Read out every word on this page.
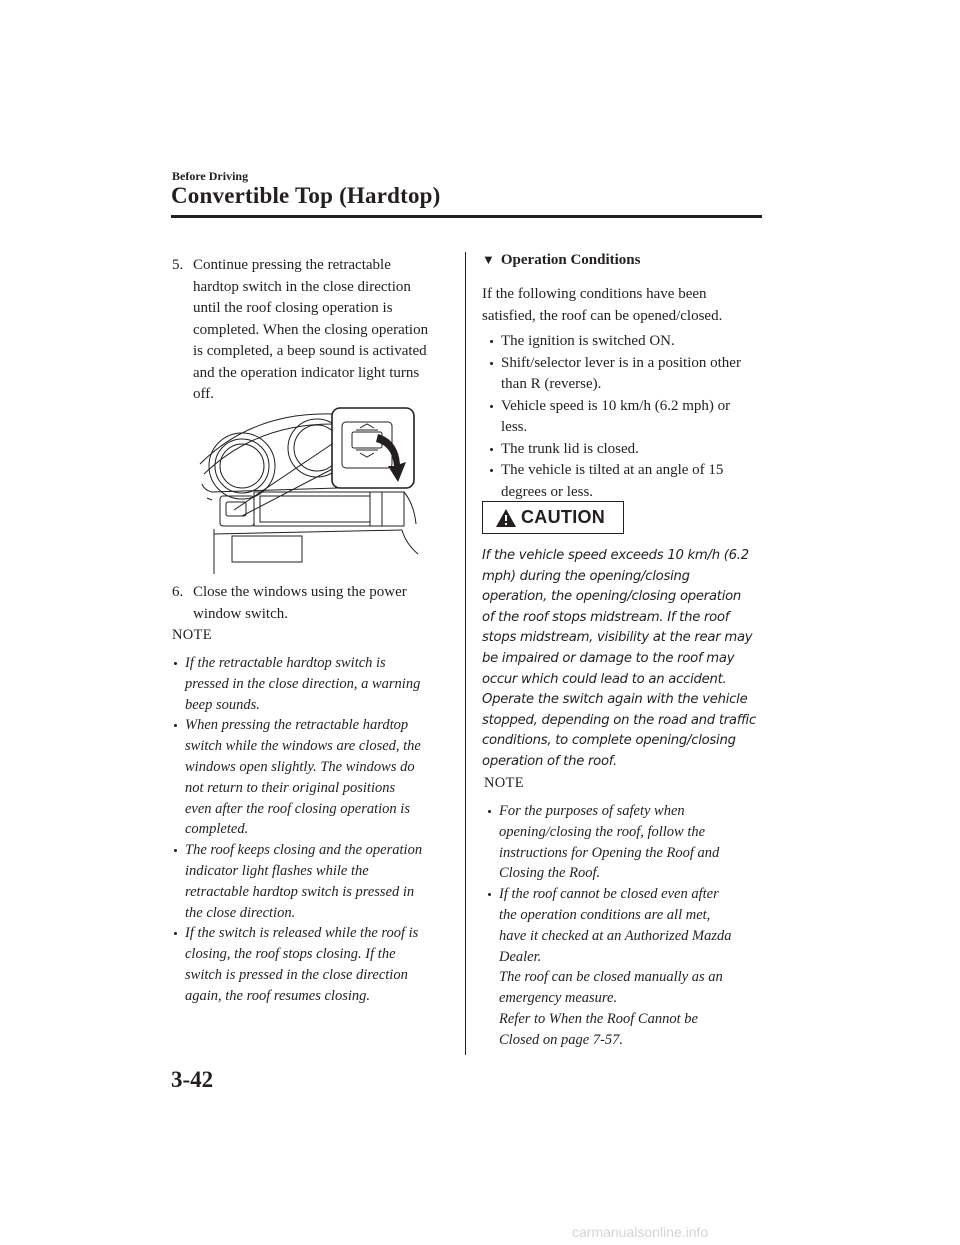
Before Driving
Convertible Top (Hardtop)
5. Continue pressing the retractable
hardtop switch in the close direction
until the roof closing operation is
completed. When the closing operation
is completed, a beep sound is activated
and the operation indicator light turns
off.
6. Close the windows using the power
window switch.
NOTE
If the retractable hardtop switch is
pressed in the close direction, a warning
beep sounds.
When pressing the retractable hardtop
switch while the windows are closed, the
windows open slightly. The windows do
not return to their original positions
even after the roof closing operation is
completed.
The roof keeps closing and the operation
indicator light flashes while the
retractable hardtop switch is pressed in
the close direction.
If the switch is released while the roof is
closing, the roof stops closing. If the
switch is pressed in the close direction
again, the roof resumes closing.
▼ Operation Conditions
If the following conditions have been
satisfied, the roof can be opened/closed.
The ignition is switched ON.
Shift/selector lever is in a position other
than R (reverse).
Vehicle speed is 10 km/h (6.2 mph) or
less.
The trunk lid is closed.
The vehicle is tilted at an angle of 15
degrees or less.
CAUTION
If the vehicle speed exceeds 10 km/h (6.2
mph) during the opening/closing
operation, the opening/closing operation
of the roof stops midstream. If the roof
stops midstream, visibility at the rear may
be impaired or damage to the roof may
occur which could lead to an accident.
Operate the switch again with the vehicle
stopped, depending on the road and traffic
conditions, to complete opening/closing
operation of the roof.
NOTE
For the purposes of safety when
opening/closing the roof, follow the
instructions for Opening the Roof and
Closing the Roof.
If the roof cannot be closed even after
the operation conditions are all met,
have it checked at an Authorized Mazda
Dealer.
The roof can be closed manually as an
emergency measure.
Refer to When the Roof Cannot be
Closed on page 7-57.
3-42
carmanualsonline.info
